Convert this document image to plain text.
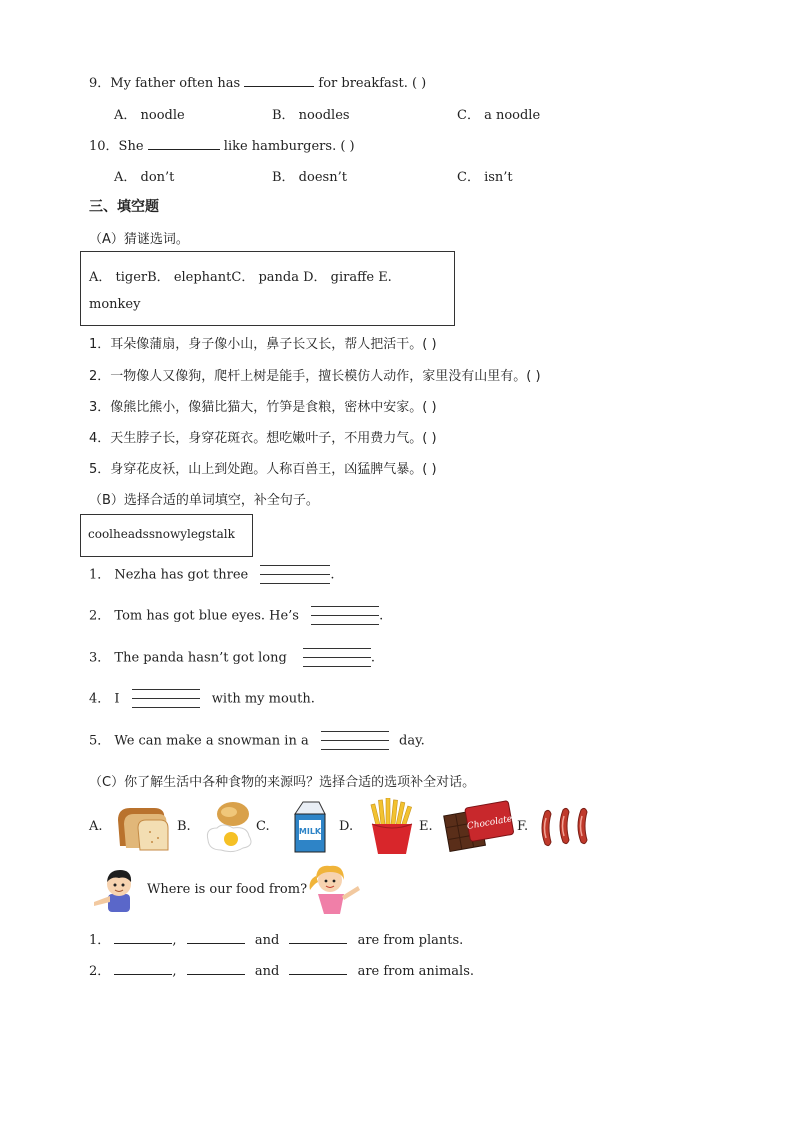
9．My father often has	for breakfast. ( )
A． noodle	B． noodles	C． a noodle
10．She	like hamburgers. ( )
A． don’t	B． doesn’t	C． isn’t
三、填空题
（A）猜谜选词。
A． tigerB． elephantC． panda D． giraffe E.
monkey
1．耳朵像蒲扇，身子像小山，鼻子长又长，帮人把活干。( )
2．一物像人又像狗，爬杆上树是能手，擅长模仿人动作，家里没有山里有。( )
3．像熊比熊小，像猫比猫大，竹笋是食粮，密林中安家。( )
4．天生脖子长，身穿花斑衣。想吃嫩叶子，不用费力气。( )
5．身穿花皮袄，山上到处跑。人称百兽王，凶猛脾气暴。( )
（B）选择合适的单词填空，补全句子。
coolheadssnowylegstalk
1． Nezha has got three	.
2． Tom has got blue eyes. He’s	.
3． The panda hasn’t got long	.
4． I	with my mouth.
5． We can make a snowman in a	day.
（C）你了解生活中各种食物的来源吗？选择合适的选项补全对话。
A.	B.	C.	D.	E.	F.
MILK	Chocolate
Where is our food from?
1．	,	and	are from plants.
2．	,	and	are from animals.
